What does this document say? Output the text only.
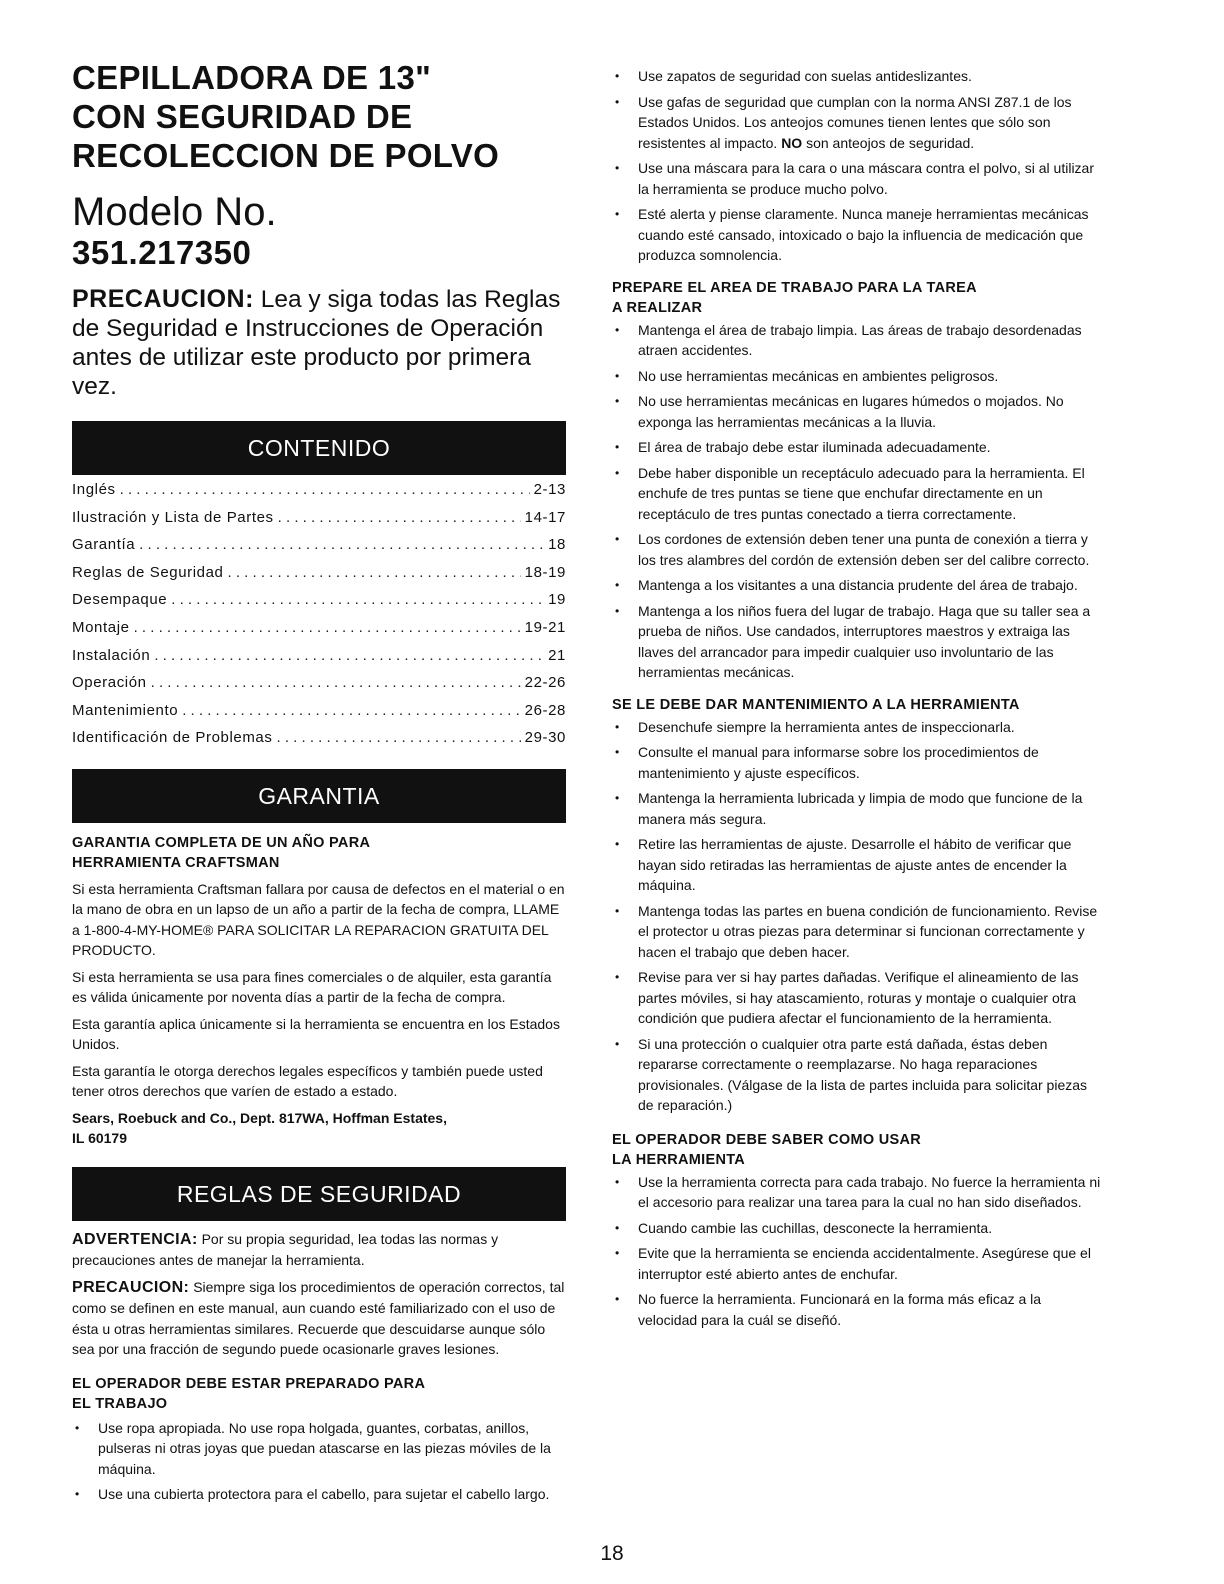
CEPILLADORA DE 13"
CON SEGURIDAD DE
RECOLECCION DE POLVO
Modelo No.
351.217350
PRECAUCION: Lea y siga todas las Reglas de Seguridad e Instrucciones de Operación antes de utilizar este producto por primera vez.
CONTENIDO
Inglés . . .	2-13
Ilustración y Lista de Partes . . .	14-17
Garantía . . .	18
Reglas de Seguridad . . .	18-19
Desempaque . . .	19
Montaje . . .	19-21
Instalación . . .	21
Operación . . .	22-26
Mantenimiento . . .	26-28
Identificación de Problemas . . .	29-30
GARANTIA
GARANTIA COMPLETA DE UN AÑO PARA
HERRAMIENTA CRAFTSMAN

Si esta herramienta Craftsman fallara por causa de defectos en el material o en la mano de obra en un lapso de un año a partir de la fecha de compra, LLAME a 1-800-4-MY-HOME® PARA SOLICITAR LA REPARACION GRATUITA DEL PRODUCTO.

Si esta herramienta se usa para fines comerciales o de alquiler, esta garantía es válida únicamente por noventa días a partir de la fecha de compra.

Esta garantía aplica únicamente si la herramienta se encuentra en los Estados Unidos.

Esta garantía le otorga derechos legales específicos y también puede usted tener otros derechos que varíen de estado a estado.

Sears, Roebuck and Co., Dept. 817WA, Hoffman Estates,
IL 60179
REGLAS DE SEGURIDAD

ADVERTENCIA: Por su propia seguridad, lea todas las normas y precauciones antes de manejar la herramienta.

PRECAUCION: Siempre siga los procedimientos de operación correctos, tal como se definen en este manual, aun cuando esté familiarizado con el uso de ésta u otras herramientas similares. Recuerde que descuidarse aunque sólo sea por una fracción de segundo puede ocasionarle graves lesiones.

EL OPERADOR DEBE ESTAR PREPARADO PARA
EL TRABAJO
• Use ropa apropiada. No use ropa holgada, guantes, corbatas, anillos, pulseras ni otras joyas que puedan atascarse en las piezas móviles de la máquina.
• Use una cubierta protectora para el cabello, para sujetar el cabello largo.
• Use zapatos de seguridad con suelas antideslizantes.
• Use gafas de seguridad que cumplan con la norma ANSI Z87.1 de los Estados Unidos. Los anteojos comunes tienen lentes que sólo son resistentes al impacto. NO son anteojos de seguridad.
• Use una máscara para la cara o una máscara contra el polvo, si al utilizar la herramienta se produce mucho polvo.
• Esté alerta y piense claramente. Nunca maneje herramientas mecánicas cuando esté cansado, intoxicado o bajo la influencia de medicación que produzca somnolencia.
PREPARE EL AREA DE TRABAJO PARA LA TAREA
A REALIZAR
• Mantenga el área de trabajo limpia. Las áreas de trabajo desordenadas atraen accidentes.
• No use herramientas mecánicas en ambientes peligrosos.
• No use herramientas mecánicas en lugares húmedos o mojados. No exponga las herramientas mecánicas a la lluvia.
• El área de trabajo debe estar iluminada adecuadamente.
• Debe haber disponible un receptáculo adecuado para la herramienta. El enchufe de tres puntas se tiene que enchufar directamente en un receptáculo de tres puntas conectado a tierra correctamente.
• Los cordones de extensión deben tener una punta de conexión a tierra y los tres alambres del cordón de extensión deben ser del calibre correcto.
• Mantenga a los visitantes a una distancia prudente del área de trabajo.
• Mantenga a los niños fuera del lugar de trabajo. Haga que su taller sea a prueba de niños. Use candados, interruptores maestros y extraiga las llaves del arrancador para impedir cualquier uso involuntario de las herramientas mecánicas.
SE LE DEBE DAR MANTENIMIENTO A LA HERRAMIENTA
• Desenchufe siempre la herramienta antes de inspeccionarla.
• Consulte el manual para informarse sobre los procedimientos de mantenimiento y ajuste específicos.
• Mantenga la herramienta lubricada y limpia de modo que funcione de la manera más segura.
• Retire las herramientas de ajuste. Desarrolle el hábito de verificar que hayan sido retiradas las herramientas de ajuste antes de encender la máquina.
• Mantenga todas las partes en buena condición de funcionamiento. Revise el protector u otras piezas para determinar si funcionan correctamente y hacen el trabajo que deben hacer.
• Revise para ver si hay partes dañadas. Verifique el alineamiento de las partes móviles, si hay atascamiento, roturas y montaje o cualquier otra condición que pudiera afectar el funcionamiento de la herramienta.
• Si una protección o cualquier otra parte está dañada, éstas deben repararse correctamente o reemplazarse. No haga reparaciones provisionales. (Válgase de la lista de partes incluida para solicitar piezas de reparación.)
EL OPERADOR DEBE SABER COMO USAR
LA HERRAMIENTA
• Use la herramienta correcta para cada trabajo. No fuerce la herramienta ni el accesorio para realizar una tarea para la cual no han sido diseñados.
• Cuando cambie las cuchillas, desconecte la herramienta.
• Evite que la herramienta se encienda accidentalmente. Asegúrese que el interruptor esté abierto antes de enchufar.
• No fuerce la herramienta. Funcionará en la forma más eficaz a la velocidad para la cuál se diseñó.
18
